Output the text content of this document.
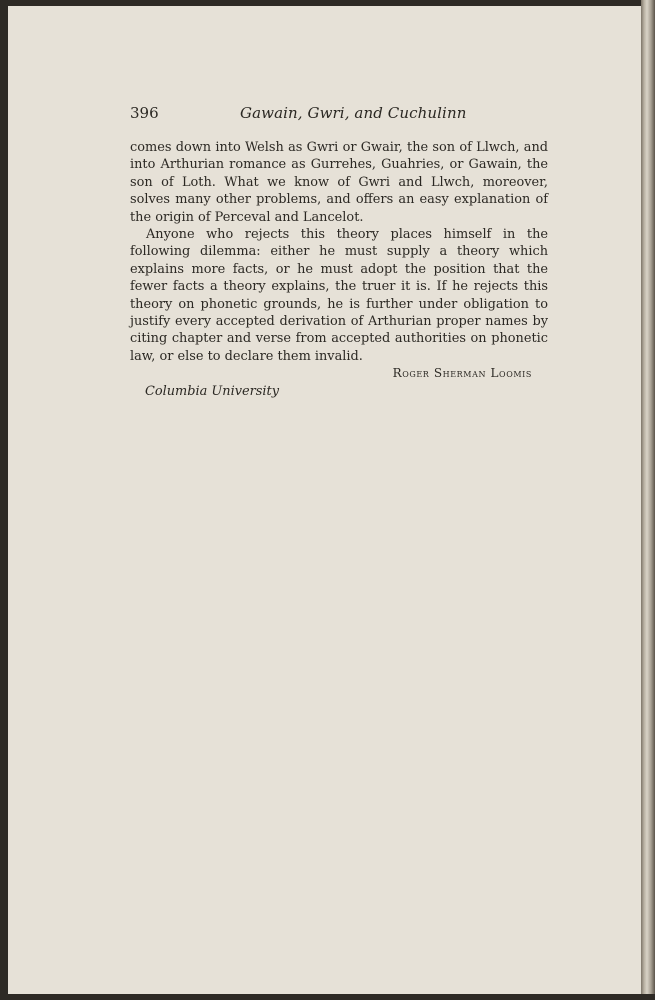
396	Gawain, Gwri, and Cuchulinn

comes down into Welsh as Gwri or Gwair, the son of Llwch, and into Arthurian romance as Gurrehes, Guahries, or Gawain, the son of Loth. What we know of Gwri and Llwch, moreover, solves many other problems, and offers an easy explanation of the origin of Perceval and Lancelot.

Anyone who rejects this theory places himself in the following dilemma: either he must supply a theory which explains more facts, or he must adopt the position that the fewer facts a theory explains, the truer it is. If he rejects this theory on phonetic grounds, he is further under obligation to justify every accepted derivation of Arthurian proper names by citing chapter and verse from accepted authorities on phonetic law, or else to declare them invalid.

Roger Sherman Loomis

Columbia University
